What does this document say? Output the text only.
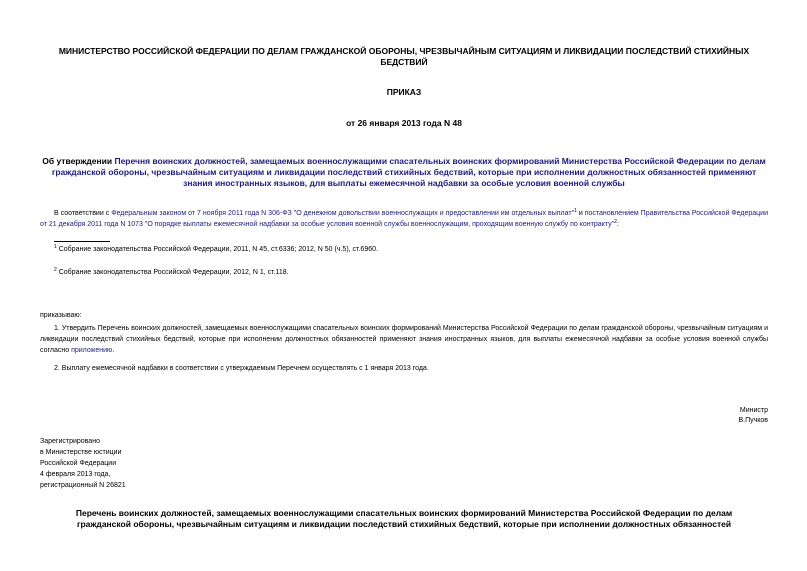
МИНИСТЕРСТВО РОССИЙСКОЙ ФЕДЕРАЦИИ ПО ДЕЛАМ ГРАЖДАНСКОЙ ОБОРОНЫ, ЧРЕЗВЫЧАЙНЫМ СИТУАЦИЯМ И ЛИКВИДАЦИИ ПОСЛЕДСТВИЙ СТИХИЙНЫХ БЕДСТВИЙ
ПРИКАЗ
от 26 января 2013 года N 48
Об утверждении Перечня воинских должностей, замещаемых военнослужащими спасательных воинских формирований Министерства Российской Федерации по делам гражданской обороны, чрезвычайным ситуациям и ликвидации последствий стихийных бедствий, которые при исполнении должностных обязанностей применяют знания иностранных языков, для выплаты ежемесячной надбавки за особые условия военной службы
В соответствии с Федеральным законом от 7 ноября 2011 года N 306-ФЗ "О денежном довольствии военнослужащих и предоставлении им отдельных выплат"$^1$ и постановлением Правительства Российской Федерации от 21 декабря 2011 года N 1073 "О порядке выплаты ежемесячной надбавки за особые условия военной службы военнослужащим, проходящим военную службу по контракту"$^2$:
$^1$ Собрание законодательства Российской Федерации, 2011, N 45, ст.6336; 2012, N 50 (ч.5), ст.6960.
$^2$ Собрание законодательства Российской Федерации, 2012, N 1, ст.118.
приказываю:
1. Утвердить Перечень воинских должностей, замещаемых военнослужащими спасательных воинских формирований Министерства Российской Федерации по делам гражданской обороны, чрезвычайным ситуациям и ликвидации последствий стихийных бедствий, которые при исполнении должностных обязанностей применяют знания иностранных языков, для выплаты ежемесячной надбавки за особые условия военной службы согласно приложению.
2. Выплату ежемесячной надбавки в соответствии с утверждаемым Перечнем осуществлять с 1 января 2013 года.
Министр
В.Пучков
Зарегистрировано
в Министерстве юстиции
Российской Федерации
4 февраля 2013 года,
регистрационный N 26821
Перечень воинских должностей, замещаемых военнослужащими спасательных воинских формирований Министерства Российской Федерации по делам гражданской обороны, чрезвычайным ситуациям и ликвидации последствий стихийных бедствий, которые при исполнении должностных обязанностей
